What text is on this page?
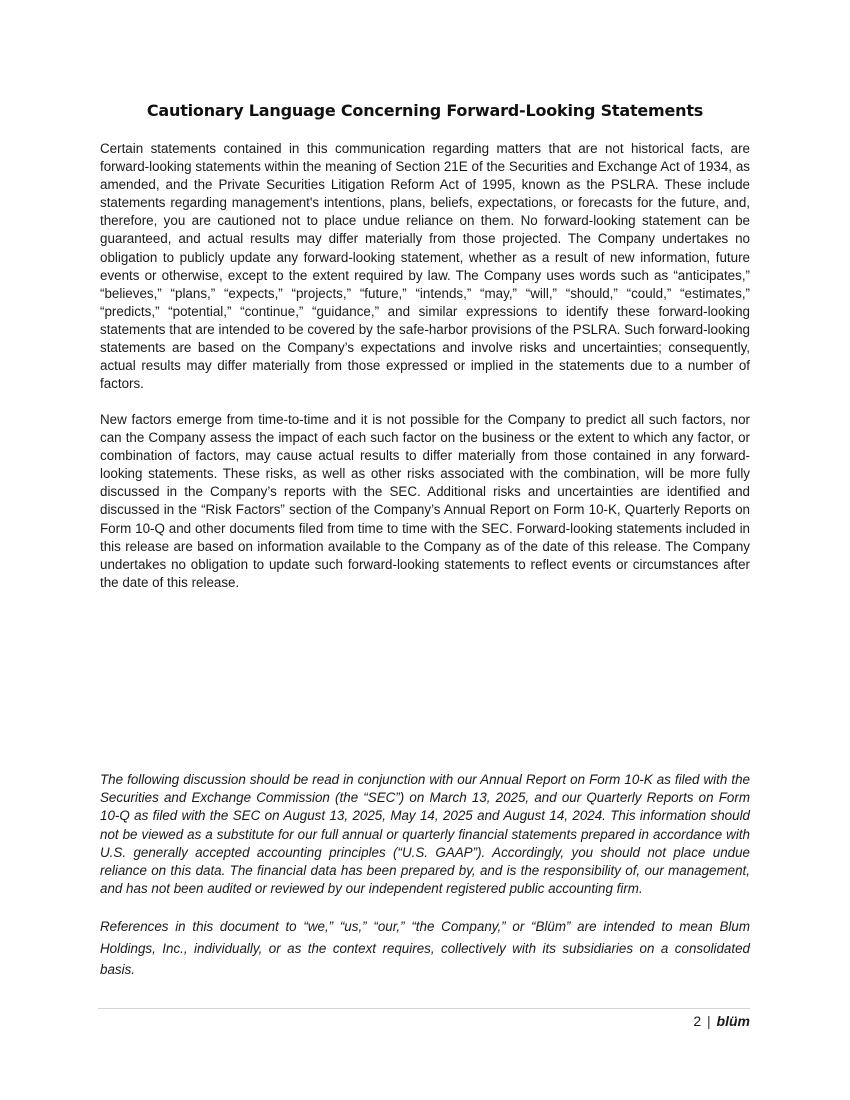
Cautionary Language Concerning Forward-Looking Statements

Certain statements contained in this communication regarding matters that are not historical facts, are forward-looking statements within the meaning of Section 21E of the Securities and Exchange Act of 1934, as amended, and the Private Securities Litigation Reform Act of 1995, known as the PSLRA. These include statements regarding management's intentions, plans, beliefs, expectations, or forecasts for the future, and, therefore, you are cautioned not to place undue reliance on them. No forward-looking statement can be guaranteed, and actual results may differ materially from those projected. The Company undertakes no obligation to publicly update any forward-looking statement, whether as a result of new information, future events or otherwise, except to the extent required by law. The Company uses words such as “anticipates,” “believes,” “plans,” “expects,” “projects,” “future,” “intends,” “may,” “will,” “should,” “could,” “estimates,” “predicts,” “potential,” “continue,” “guidance,” and similar expressions to identify these forward-looking statements that are intended to be covered by the safe-harbor provisions of the PSLRA. Such forward-looking statements are based on the Company’s expectations and involve risks and uncertainties; consequently, actual results may differ materially from those expressed or implied in the statements due to a number of factors.

New factors emerge from time-to-time and it is not possible for the Company to predict all such factors, nor can the Company assess the impact of each such factor on the business or the extent to which any factor, or combination of factors, may cause actual results to differ materially from those contained in any forward-looking statements. These risks, as well as other risks associated with the combination, will be more fully discussed in the Company’s reports with the SEC. Additional risks and uncertainties are identified and discussed in the “Risk Factors” section of the Company’s Annual Report on Form 10-K, Quarterly Reports on Form 10-Q and other documents filed from time to time with the SEC. Forward-looking statements included in this release are based on information available to the Company as of the date of this release. The Company undertakes no obligation to update such forward-looking statements to reflect events or circumstances after the date of this release.

The following discussion should be read in conjunction with our Annual Report on Form 10-K as filed with the Securities and Exchange Commission (the “SEC”) on March 13, 2025, and our Quarterly Reports on Form 10-Q as filed with the SEC on August 13, 2025, May 14, 2025 and August 14, 2024. This information should not be viewed as a substitute for our full annual or quarterly financial statements prepared in accordance with U.S. generally accepted accounting principles (“U.S. GAAP”). Accordingly, you should not place undue reliance on this data. The financial data has been prepared by, and is the responsibility of, our management, and has not been audited or reviewed by our independent registered public accounting firm.

References in this document to “we,” “us,” “our,” “the Company,” or “Blüm” are intended to mean Blum Holdings, Inc., individually, or as the context requires, collectively with its subsidiaries on a consolidated basis.

2 | blüm
